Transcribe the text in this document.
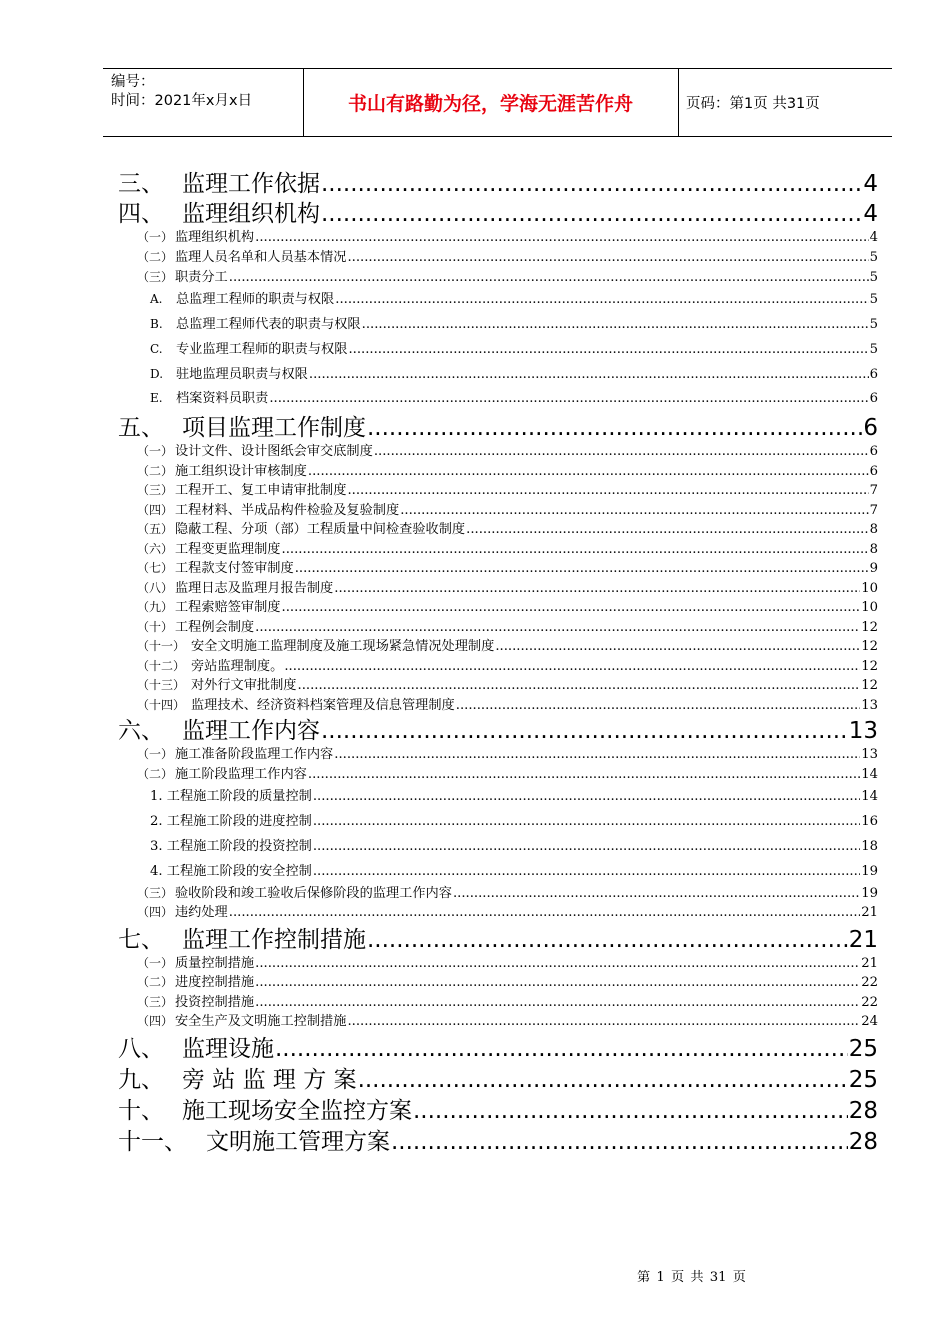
编号：
时间：2021年x月x日	书山有路勤为径，学海无涯苦作舟	页码：第1页 共31页
三、 监理工作依据 .....	4
四、 监理组织机构 .....	4
（一） 监理组织机构 .....	4
（二） 监理人员名单和人员基本情况 .....	5
（三） 职责分工 .....	5
A.	总监理工程师的职责与权限 .....	5
B.	总监理工程师代表的职责与权限 .....	5
C.	专业监理工程师的职责与权限 .....	5
D. 驻地监理员职责与权限 .....	6
E.	档案资料员职责 .....	6
五、 项目监理工作制度 .....	6
（一） 设计文件、设计图纸会审交底制度 .....	6
（二） 施工组织设计审核制度 .....	6
（三） 工程开工、复工申请审批制度 .....	7
（四） 工程材料、半成品构件检验及复验制度 .....	7
（五） 隐蔽工程、分项（部）工程质量中间检查验收制度 .....	8
（六） 工程变更监理制度 .....	8
（七） 工程款支付签审制度 .....	9
（八） 监理日志及监理月报告制度 .....	10
（九） 工程索赔签审制度 .....	10
（十） 工程例会制度 .....	12
（十一） 安全文明施工监理制度及施工现场紧急情况处理制度 .....	12
（十二） 旁站监理制度。 .....	12
（十三） 对外行文审批制度 .....	12
（十四） 监理技术、经济资料档案管理及信息管理制度 .....	13
六、 监理工作内容 .....	13
（一） 施工准备阶段监理工作内容 .....	13
（二） 施工阶段监理工作内容 .....	14
1. 工程施工阶段的质量控制 .....	14
2. 工程施工阶段的进度控制 .....	16
3. 工程施工阶段的投资控制 .....	18
4. 工程施工阶段的安全控制 .....	19
（三） 验收阶段和竣工验收后保修阶段的监理工作内容 .....	19
（四） 违约处理 .....	21
七、 监理工作控制措施 .....	21
（一） 质量控制措施 .....	21
（二） 进度控制措施 .....	22
（三） 投资控制措施 .....	22
（四） 安全生产及文明施工控制措施 .....	24
八、 监理设施 .....	25
九、 旁 站 监 理 方 案 .....	25
十、 施工现场安全监控方案 .....	28
十一、 文明施工管理方案 .....	28
第 1 页 共 31 页
